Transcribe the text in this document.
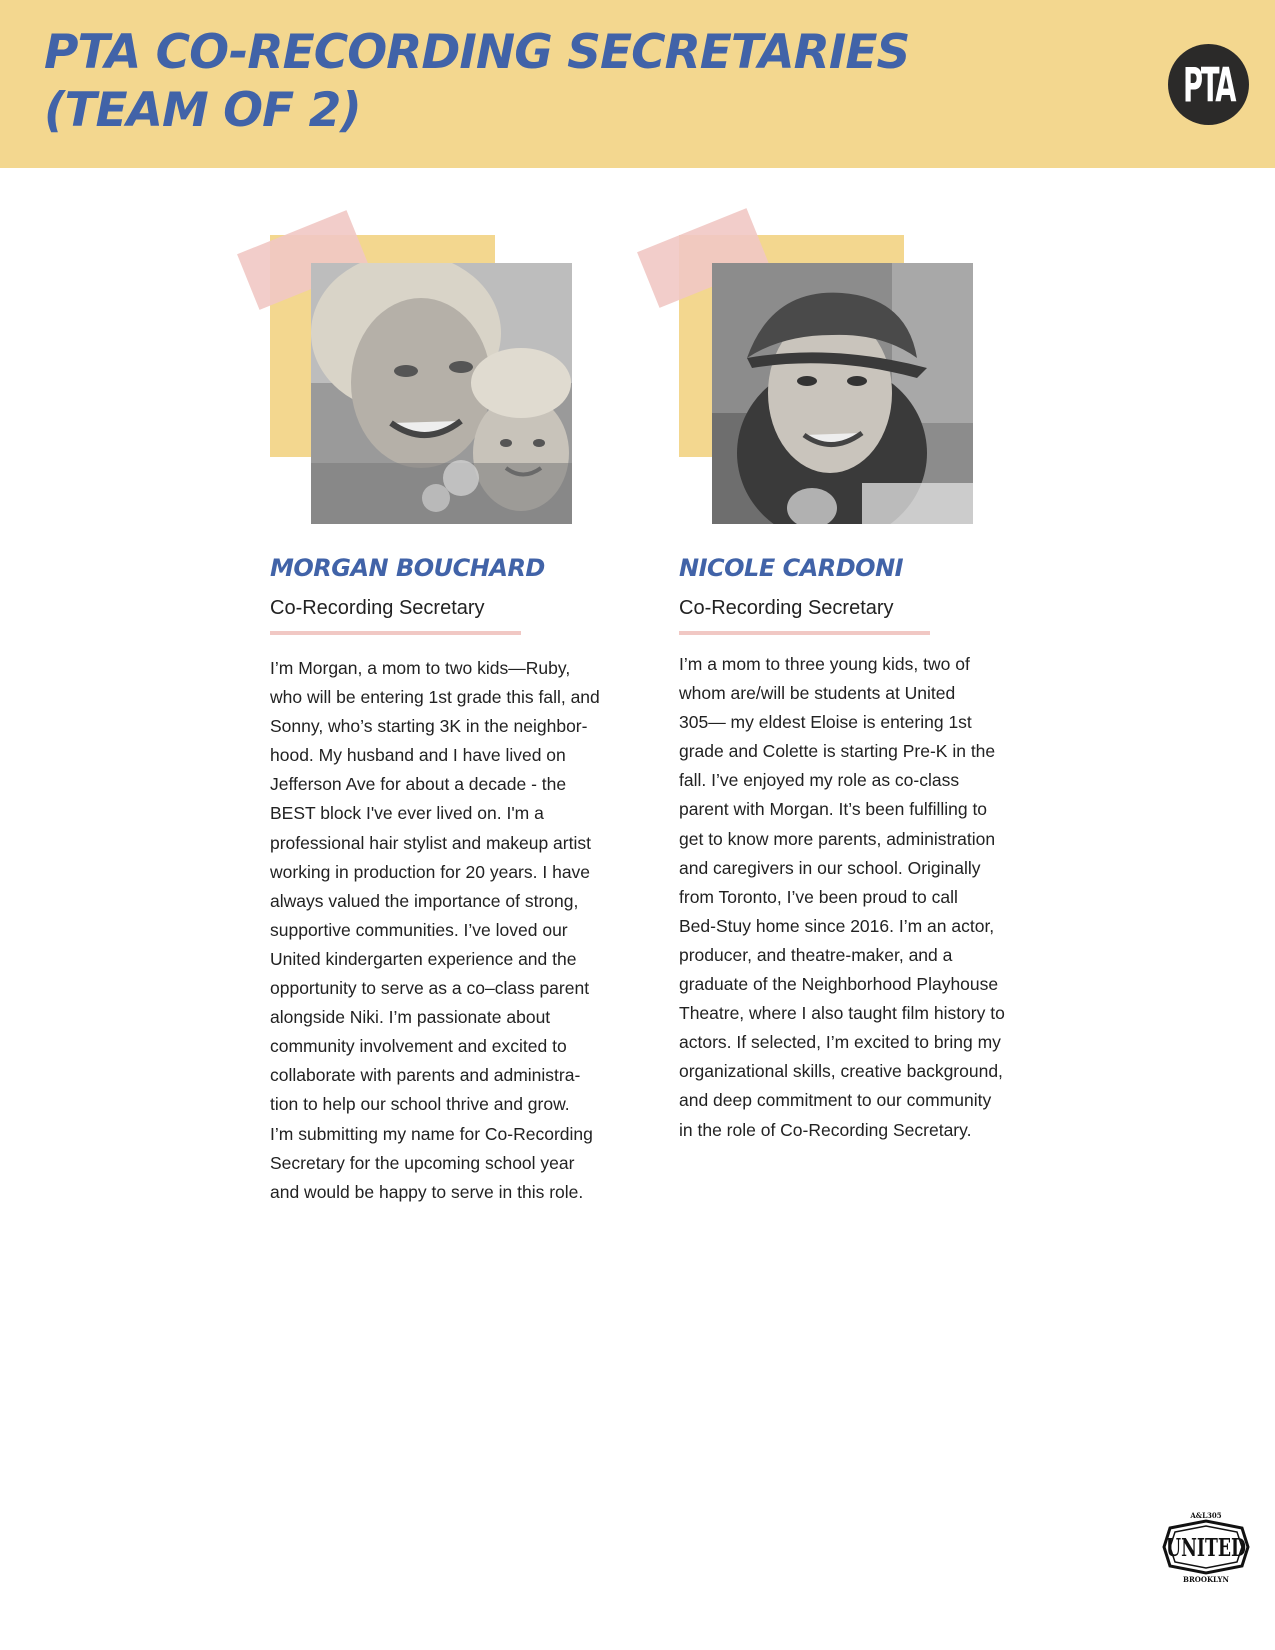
PTA CO-RECORDING SECRETARIES
(TEAM OF 2)	PTA
MORGAN BOUCHARD

Co-Recording Secretary

I’m Morgan, a mom to two kids—Ruby,
who will be entering 1st grade this fall, and
Sonny, who’s starting 3K in the neighbor-
hood. My husband and I have lived on
Jefferson Ave for about a decade - the
BEST block I've ever lived on. I'm a
professional hair stylist and makeup artist
working in production for 20 years. I have
always valued the importance of strong,
supportive communities. I’ve loved our
United kindergarten experience and the
opportunity to serve as a co–class parent
alongside Niki. I’m passionate about
community involvement and excited to
collaborate with parents and administra-
tion to help our school thrive and grow.
I’m submitting my name for Co-Recording
Secretary for the upcoming school year
and would be happy to serve in this role.

NICOLE CARDONI

Co-Recording Secretary

I’m a mom to three young kids, two of
whom are/will be students at United
305— my eldest Eloise is entering 1st
grade and Colette is starting Pre-K in the
fall. I’ve enjoyed my role as co-class
parent with Morgan. It’s been fulfilling to
get to know more parents, administration
and caregivers in our school. Originally
from Toronto, I’ve been proud to call
Bed-Stuy home since 2016. I’m an actor,
producer, and theatre-maker, and a
graduate of the Neighborhood Playhouse
Theatre, where I also taught film history to
actors. If selected, I’m excited to bring my
organizational skills, creative background,
and deep commitment to our community
in the role of Co-Recording Secretary.

A&L305
UNITED
BROOKLYN
